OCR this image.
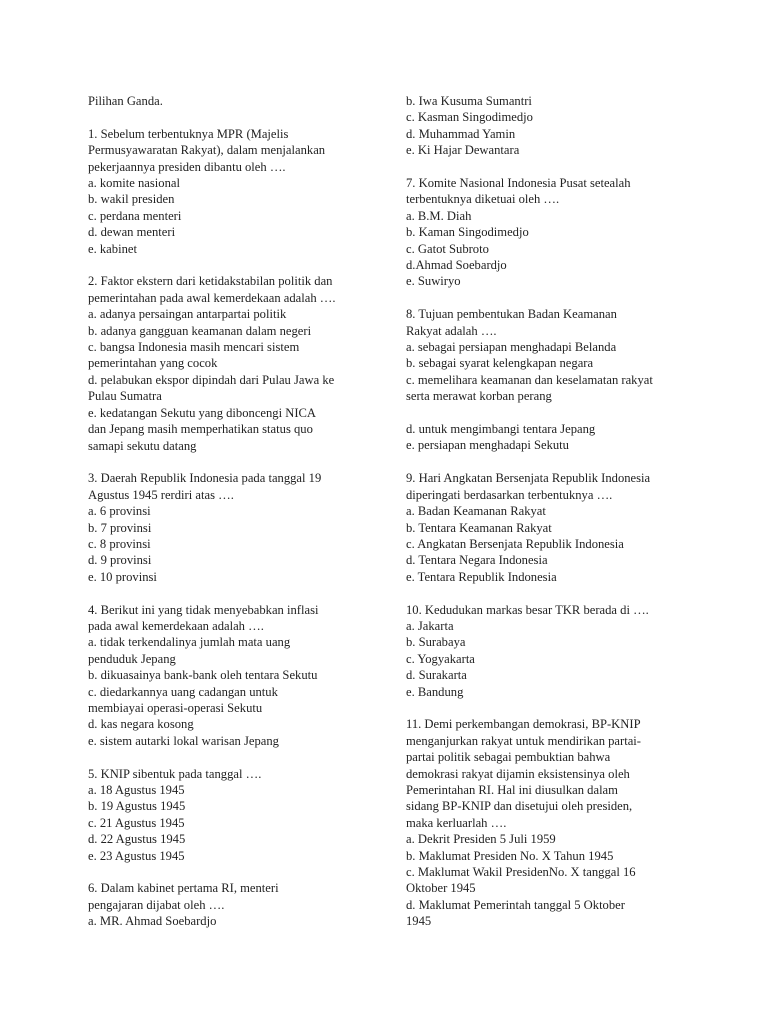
Pilihan Ganda.
1. Sebelum terbentuknya MPR (Majelis
Permusyawaratan Rakyat), dalam menjalankan
pekerjaannya presiden dibantu oleh ….
a. komite nasional
b. wakil presiden
c. perdana menteri
d. dewan menteri
e. kabinet
2. Faktor ekstern dari ketidakstabilan politik dan
pemerintahan pada awal kemerdekaan adalah ….
a. adanya persaingan antarpartai politik
b. adanya gangguan keamanan dalam negeri
c. bangsa Indonesia masih mencari sistem
pemerintahan yang cocok
d. pelabukan ekspor dipindah dari Pulau Jawa ke
Pulau Sumatra
e. kedatangan Sekutu yang diboncengi NICA
dan Jepang masih memperhatikan status quo
samapi sekutu datang
3. Daerah Republik Indonesia pada tanggal 19
Agustus 1945 rerdiri atas ….
a. 6 provinsi
b. 7 provinsi
c. 8 provinsi
d. 9 provinsi
e. 10 provinsi
4. Berikut ini yang tidak menyebabkan inflasi
pada awal kemerdekaan adalah ….
a. tidak terkendalinya jumlah mata uang
penduduk Jepang
b. dikuasainya bank-bank oleh tentara Sekutu
c. diedarkannya uang cadangan untuk
membiayai operasi-operasi Sekutu
d. kas negara kosong
e. sistem autarki lokal warisan Jepang
5. KNIP sibentuk pada tanggal ….
a. 18 Agustus 1945
b. 19 Agustus 1945
c. 21 Agustus 1945
d. 22 Agustus 1945
e. 23 Agustus 1945
6. Dalam kabinet pertama RI, menteri
pengajaran dijabat oleh ….
a. MR. Ahmad Soebardjo
b. Iwa Kusuma Sumantri
c. Kasman Singodimedjo
d. Muhammad Yamin
e. Ki Hajar Dewantara
7. Komite Nasional Indonesia Pusat setealah
terbentuknya diketuai oleh ….
a. B.M. Diah
b. Kaman Singodimedjo
c. Gatot Subroto
d.Ahmad Soebardjo
e. Suwiryo
8. Tujuan pembentukan Badan Keamanan
Rakyat adalah ….
a. sebagai persiapan menghadapi Belanda
b. sebagai syarat kelengkapan negara
c. memelihara keamanan dan keselamatan rakyat
serta merawat korban perang
d. untuk mengimbangi tentara Jepang
e. persiapan menghadapi Sekutu
9. Hari Angkatan Bersenjata Republik Indonesia
diperingati berdasarkan terbentuknya ….
a. Badan Keamanan Rakyat
b. Tentara Keamanan Rakyat
c. Angkatan Bersenjata Republik Indonesia
d. Tentara Negara Indonesia
e. Tentara Republik Indonesia
10. Kedudukan markas besar TKR berada di ….
a. Jakarta
b. Surabaya
c. Yogyakarta
d. Surakarta
e. Bandung
11. Demi perkembangan demokrasi, BP-KNIP
menganjurkan rakyat untuk mendirikan partai-
partai politik sebagai pembuktian bahwa
demokrasi rakyat dijamin eksistensinya oleh
Pemerintahan RI. Hal ini diusulkan dalam
sidang BP-KNIP dan disetujui oleh presiden,
maka kerluarlah ….
a. Dekrit Presiden 5 Juli 1959
b. Maklumat Presiden No. X Tahun 1945
c. Maklumat Wakil PresidenNo. X tanggal 16
Oktober 1945
d. Maklumat Pemerintah tanggal 5 Oktober
1945
